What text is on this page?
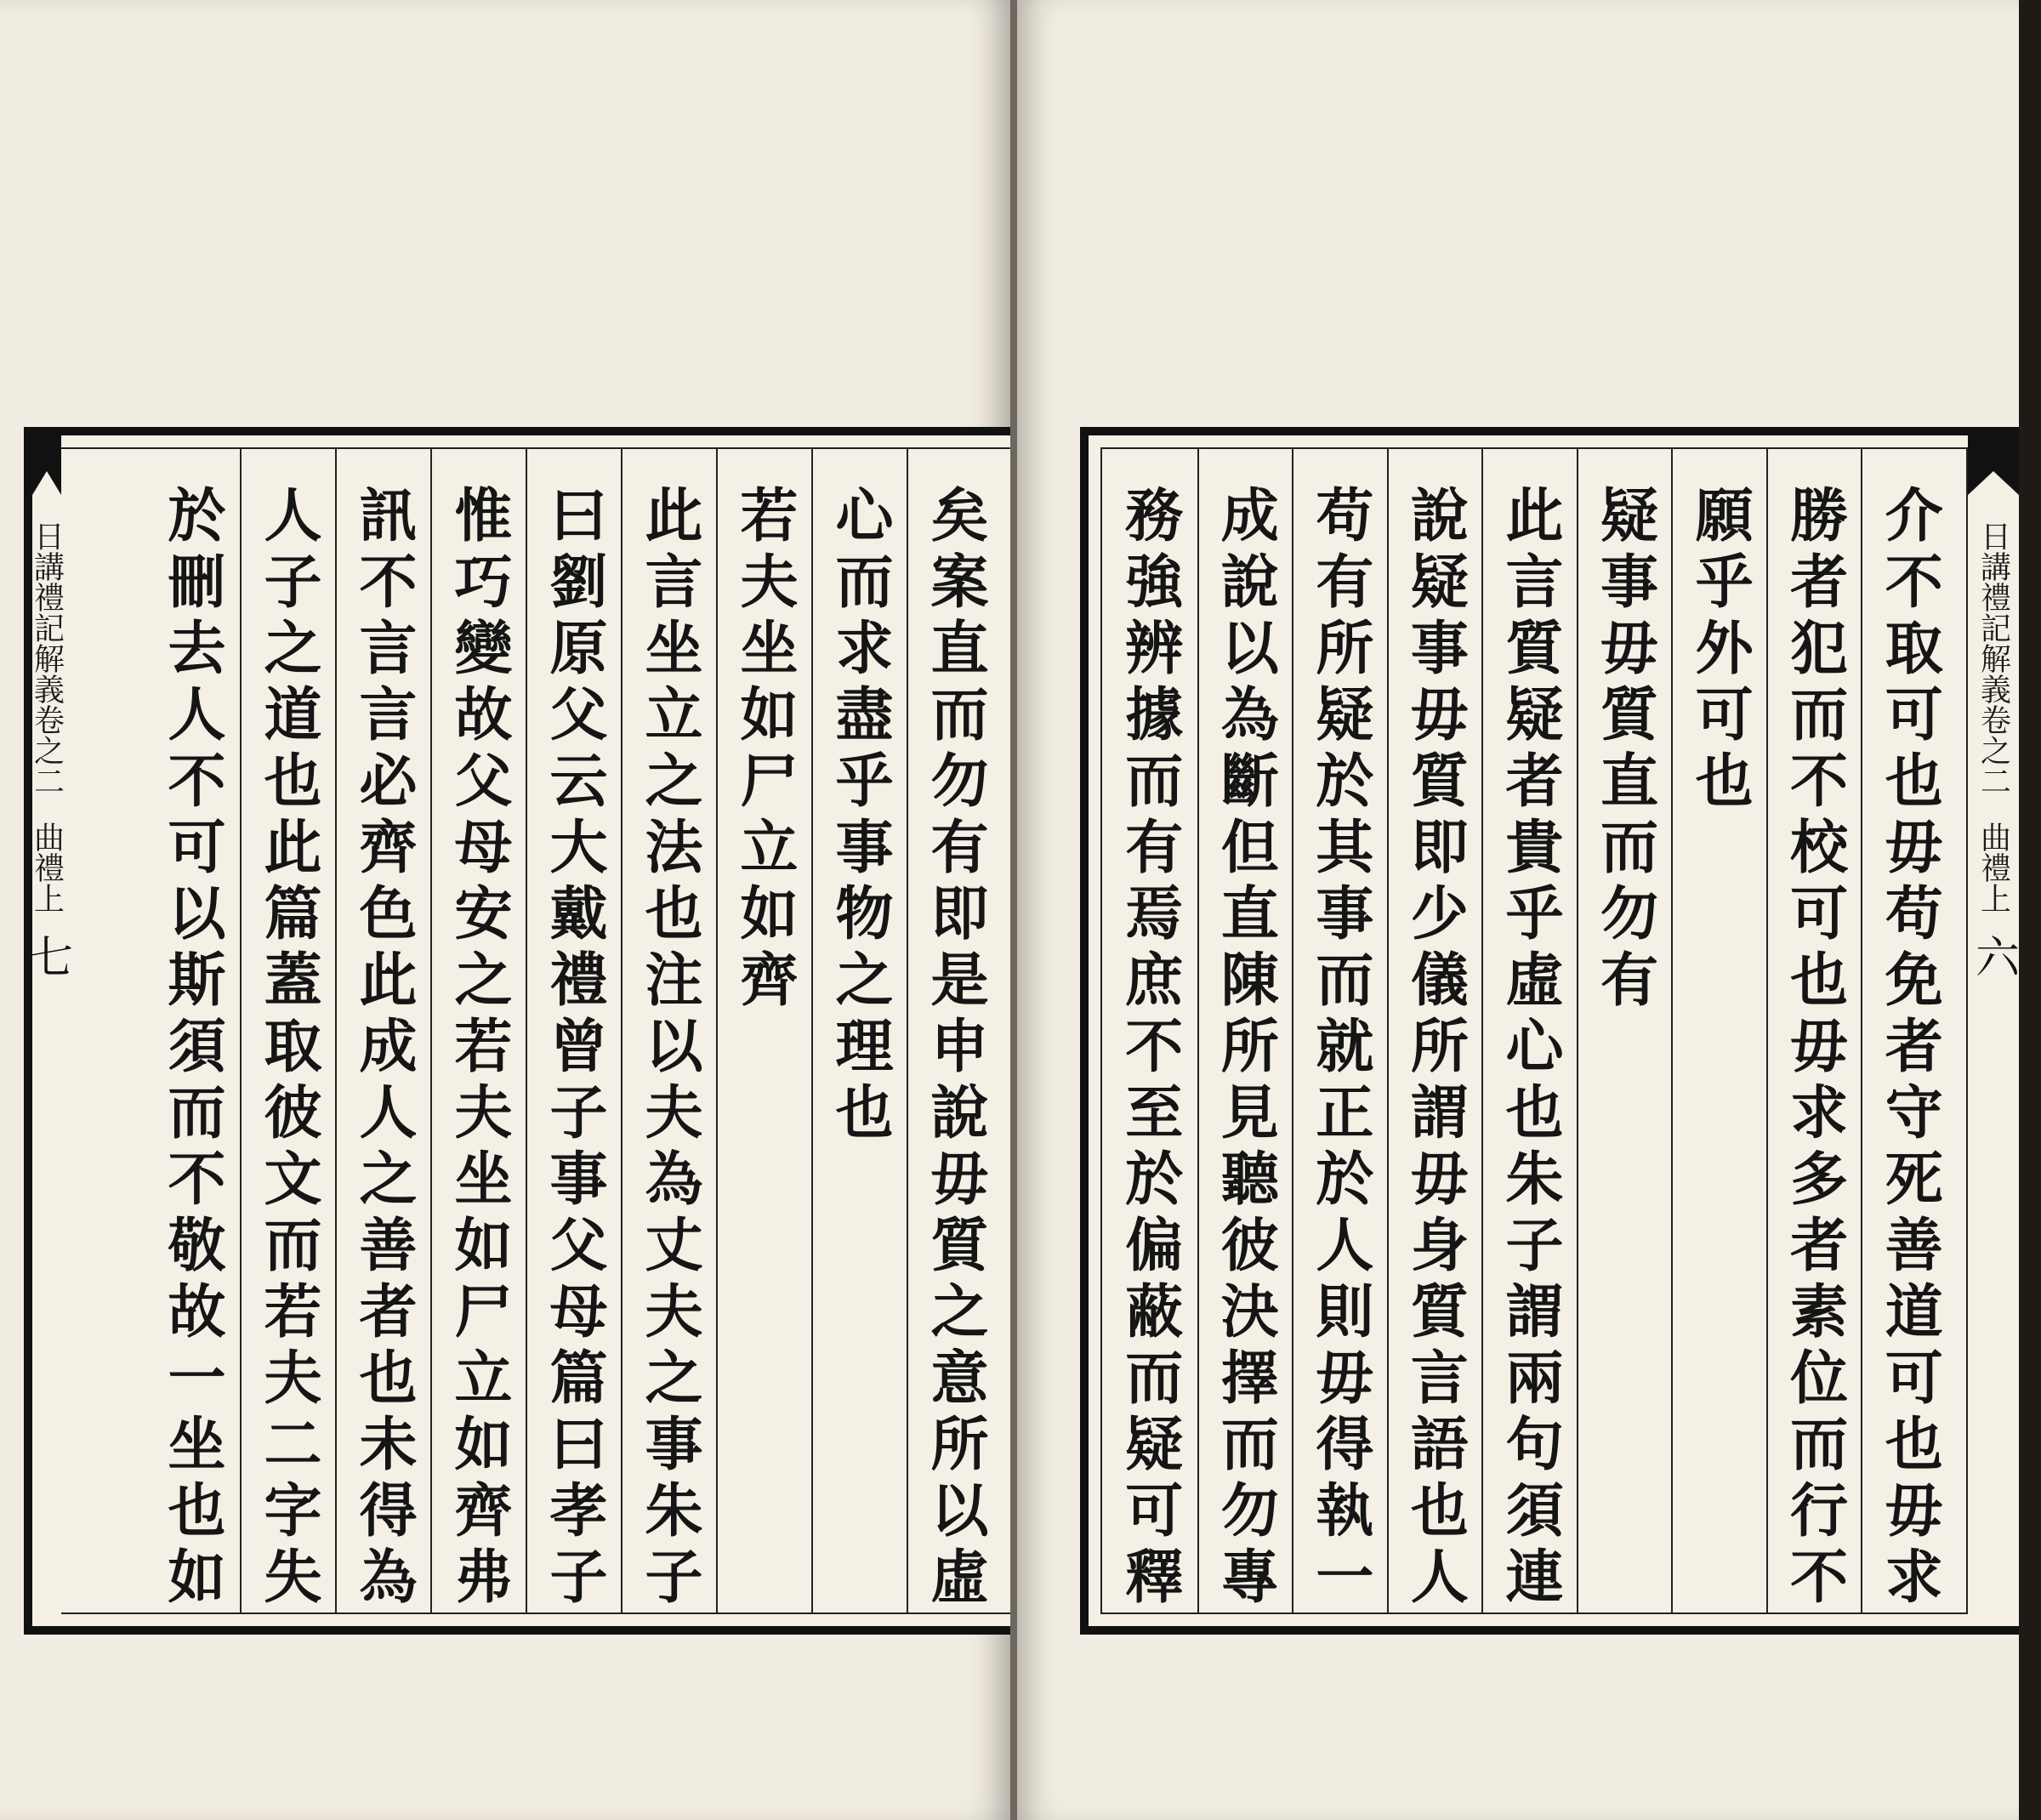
日講禮記解義卷之二
曲禮上
七	矣案直而勿有即是申說毋質之意所以虛
心而求盡乎事物之理也
若夫坐如尸立如齊
此言坐立之法也注以夫為丈夫之事朱子
曰劉原父云大戴禮曾子事父母篇曰孝子
惟巧變故父母安之若夫坐如尸立如齊弗
訊不言言必齊色此成人之善者也未得為
人子之道也此篇蓋取彼文而若夫二字失
於刪去人不可以斯須而不敬故一坐也如	介不取可也毋苟免者守死善道可也毋求
勝者犯而不校可也毋求多者素位而行不
願乎外可也
疑事毋質直而勿有
此言質疑者貴乎虛心也朱子謂兩句須連
說疑事毋質即少儀所謂毋身質言語也人
苟有所疑於其事而就正於人則毋得執一
成說以為斷但直陳所見聽彼決擇而勿專
務強辨據而有焉庶不至於偏蔽而疑可釋	日講禮記解義卷之二
曲禮上
六
